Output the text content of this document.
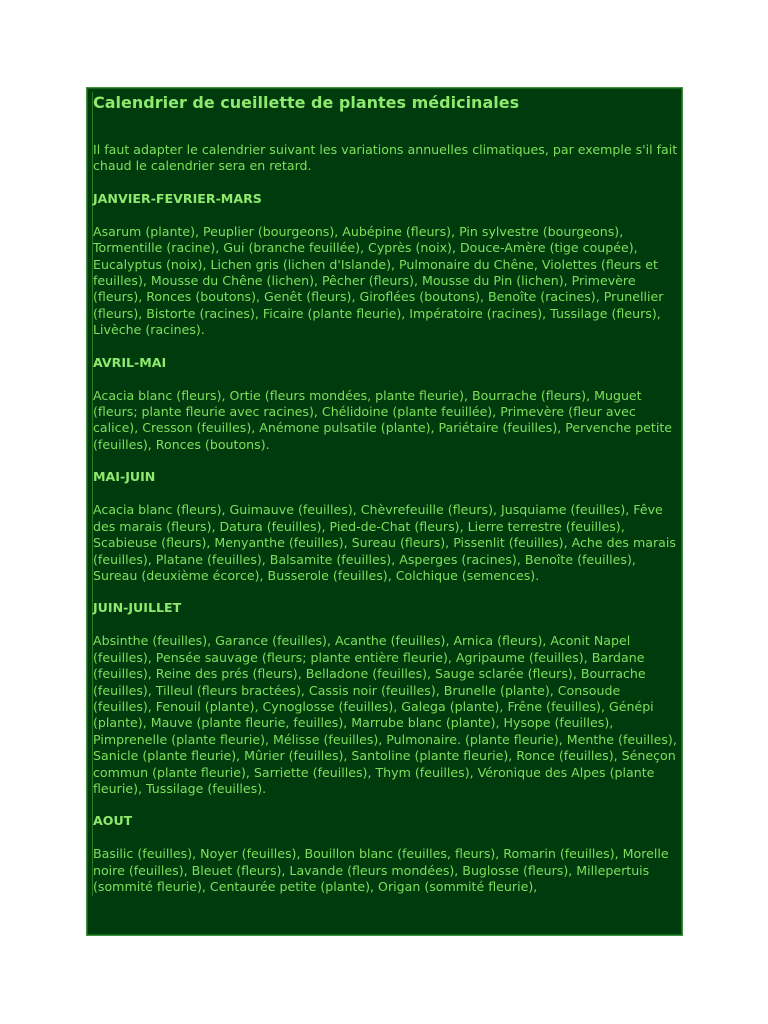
Calendrier de cueillette de plantes médicinales

Il faut adapter le calendrier suivant les variations annuelles climatiques, par exemple s'il fait chaud le calendrier sera en retard.

JANVIER-FEVRIER-MARS

Asarum (plante), Peuplier (bourgeons), Aubépine (fleurs), Pin sylvestre (bourgeons), Tormentille (racine), Gui (branche feuillée), Cyprès (noix), Douce-Amère (tige coupée), Eucalyptus (noix), Lichen gris (lichen d'Islande), Pulmonaire du Chêne, Violettes (fleurs et feuilles), Mousse du Chêne (lichen), Pêcher (fleurs), Mousse du Pin (lichen), Primevère (fleurs), Ronces (boutons), Genêt (fleurs), Giroflées (boutons), Benoîte (racines), Prunellier (fleurs), Bistorte (racines), Ficaire (plante fleurie), Impératoire (racines), Tussilage (fleurs), Livèche (racines).

AVRIL-MAI

Acacia blanc (fleurs), Ortie (fleurs mondées, plante fleurie), Bourrache (fleurs), Muguet (fleurs; plante fleurie avec racines), Chélidoine (plante feuillée), Primevère (fleur avec calice), Cresson (feuilles), Anémone pulsatile (plante), Pariétaire (feuilles), Pervenche petite (feuilles), Ronces (boutons).

MAI-JUIN

Acacia blanc (fleurs), Guimauve (feuilles), Chèvrefeuille (fleurs), Jusquiame (feuilles), Fêve des marais (fleurs), Datura (feuilles), Pied-de-Chat (fleurs), Lierre terrestre (feuilles), Scabieuse (fleurs), Menyanthe (feuilles), Sureau (fleurs), Pissenlit (feuilles), Ache des marais (feuilles), Platane (feuilles), Balsamite (feuilles), Asperges (racines), Benoîte (feuilles), Sureau (deuxième écorce), Busserole (feuilles), Colchique (semences).

JUIN-JUILLET

Absinthe (feuilles), Garance (feuilles), Acanthe (feuilles), Arnica (fleurs), Aconit Napel (feuilles), Pensée sauvage (fleurs; plante entière fleurie), Agripaume (feuilles), Bardane (feuilles), Reine des prés (fleurs), Belladone (feuilles), Sauge sclarée (fleurs), Bourrache (feuilles), Tilleul (fleurs bractées), Cassis noir (feuilles), Brunelle (plante), Consoude (feuilles), Fenouil (plante), Cynoglosse (feuilles), Galega (plante), Frêne (feuilles), Génépi (plante), Mauve (plante fleurie, feuilles), Marrube blanc (plante), Hysope (feuilles), Pimprenelle (plante fleurie), Mélisse (feuilles), Pulmonaire. (plante fleurie), Menthe (feuilles), Sanicle (plante fleurie), Mûrier (feuilles), Santoline (plante fleurie), Ronce (feuilles), Séneçon commun (plante fleurie), Sarriette (feuilles), Thym (feuilles), Véronique des Alpes (plante fleurie), Tussilage (feuilles).

AOUT

Basilic (feuilles), Noyer (feuilles), Bouillon blanc (feuilles, fleurs), Romarin (feuilles), Morelle noire (feuilles), Bleuet (fleurs), Lavande (fleurs mondées), Buglosse (fleurs), Millepertuis (sommité fleurie), Centaurée petite (plante), Origan (sommité fleurie),
